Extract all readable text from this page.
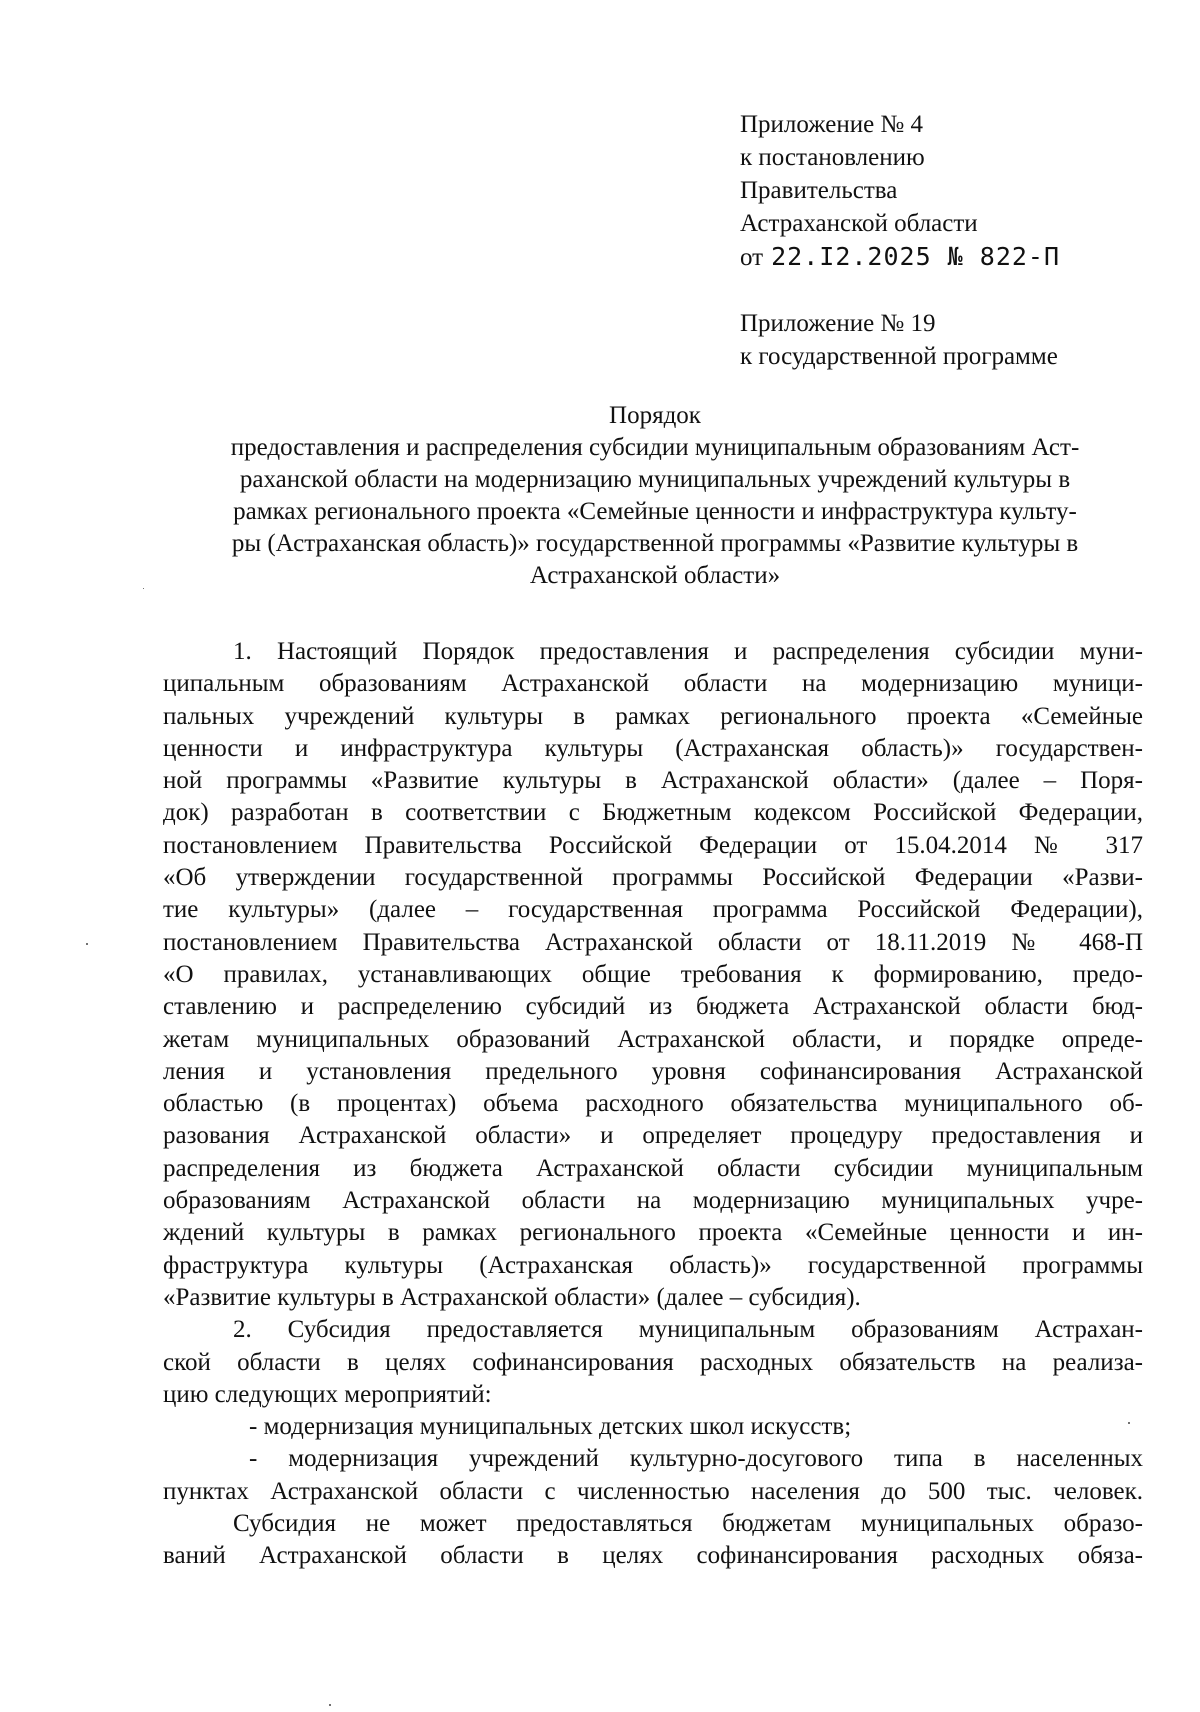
Приложение № 4
к постановлению
Правительства
Астраханской области
от 22.I2.2025 № 822-П
Приложение № 19
к государственной программе
Порядок
предоставления и распределения субсидии муниципальным образованиям Аст-
раханской области на модернизацию муниципальных учреждений культуры в
рамках регионального проекта «Семейные ценности и инфраструктура культу-
ры (Астраханская область)» государственной программы «Развитие культуры в
Астраханской области»
1. Настоящий Порядок предоставления и распределения субсидии муни-
ципальным образованиям Астраханской области на модернизацию муници-
пальных учреждений культуры в рамках регионального проекта «Семейные
ценности и инфраструктура культуры (Астраханская область)» государствен-
ной программы «Развитие культуры в Астраханской области» (далее – Поря-
док) разработан в соответствии с Бюджетным кодексом Российской Федерации,
постановлением Правительства Российской Федерации от 15.04.2014 № 317
«Об утверждении государственной программы Российской Федерации «Разви-
тие культуры» (далее – государственная программа Российской Федерации),
постановлением Правительства Астраханской области от 18.11.2019 № 468-П
«О правилах, устанавливающих общие требования к формированию, предо-
ставлению и распределению субсидий из бюджета Астраханской области бюд-
жетам муниципальных образований Астраханской области, и порядке опреде-
ления и установления предельного уровня софинансирования Астраханской
областью (в процентах) объема расходного обязательства муниципального об-
разования Астраханской области» и определяет процедуру предоставления и
распределения из бюджета Астраханской области субсидии муниципальным
образованиям Астраханской области на модернизацию муниципальных учре-
ждений культуры в рамках регионального проекта «Семейные ценности и ин-
фраструктура культуры (Астраханская область)» государственной программы
«Развитие культуры в Астраханской области» (далее – субсидия).
2. Субсидия предоставляется муниципальным образованиям Астрахан-
ской области в целях софинансирования расходных обязательств на реализа-
цию следующих мероприятий:
- модернизация муниципальных детских школ искусств;
- модернизация учреждений культурно-досугового типа в населенных
пунктах Астраханской области с численностью населения до 500 тыс. человек.
Субсидия не может предоставляться бюджетам муниципальных образо-
ваний Астраханской области в целях софинансирования расходных обяза-
